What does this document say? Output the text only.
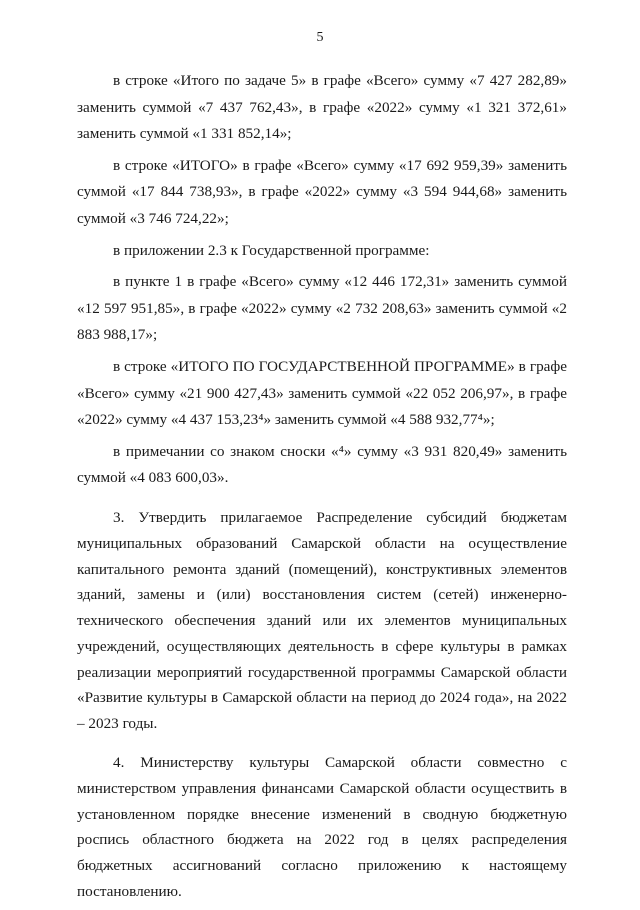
5

в строке «Итого по задаче 5» в графе «Всего» сумму «7 427 282,89» заменить суммой «7 437 762,43», в графе «2022» сумму «1 321 372,61» заменить суммой «1 331 852,14»;

в строке «ИТОГО» в графе «Всего» сумму «17 692 959,39» заменить суммой «17 844 738,93», в графе «2022» сумму «3 594 944,68» заменить суммой «3 746 724,22»;

в приложении 2.3 к Государственной программе:

в пункте 1 в графе «Всего» сумму «12 446 172,31» заменить суммой «12 597 951,85», в графе «2022» сумму «2 732 208,63» заменить суммой «2 883 988,17»;

в строке «ИТОГО ПО ГОСУДАРСТВЕННОЙ ПРОГРАММЕ» в графе «Всего» сумму «21 900 427,43» заменить суммой «22 052 206,97», в графе «2022» сумму «4 437 153,23⁴» заменить суммой «4 588 932,77⁴»;

в примечании со знаком сноски «⁴» сумму «3 931 820,49» заменить суммой «4 083 600,03».

3. Утвердить прилагаемое Распределение субсидий бюджетам муниципальных образований Самарской области на осуществление капитального ремонта зданий (помещений), конструктивных элементов зданий, замены и (или) восстановления систем (сетей) инженерно-технического обеспечения зданий или их элементов муниципальных учреждений, осуществляющих деятельность в сфере культуры в рамках реализации мероприятий государственной программы Самарской области «Развитие культуры в Самарской области на период до 2024 года», на 2022 – 2023 годы.

4. Министерству культуры Самарской области совместно с министерством управления финансами Самарской области осуществить в установленном порядке внесение изменений в сводную бюджетную роспись областного бюджета на 2022 год в целях распределения бюджетных ассигнований согласно приложению к настоящему постановлению.
